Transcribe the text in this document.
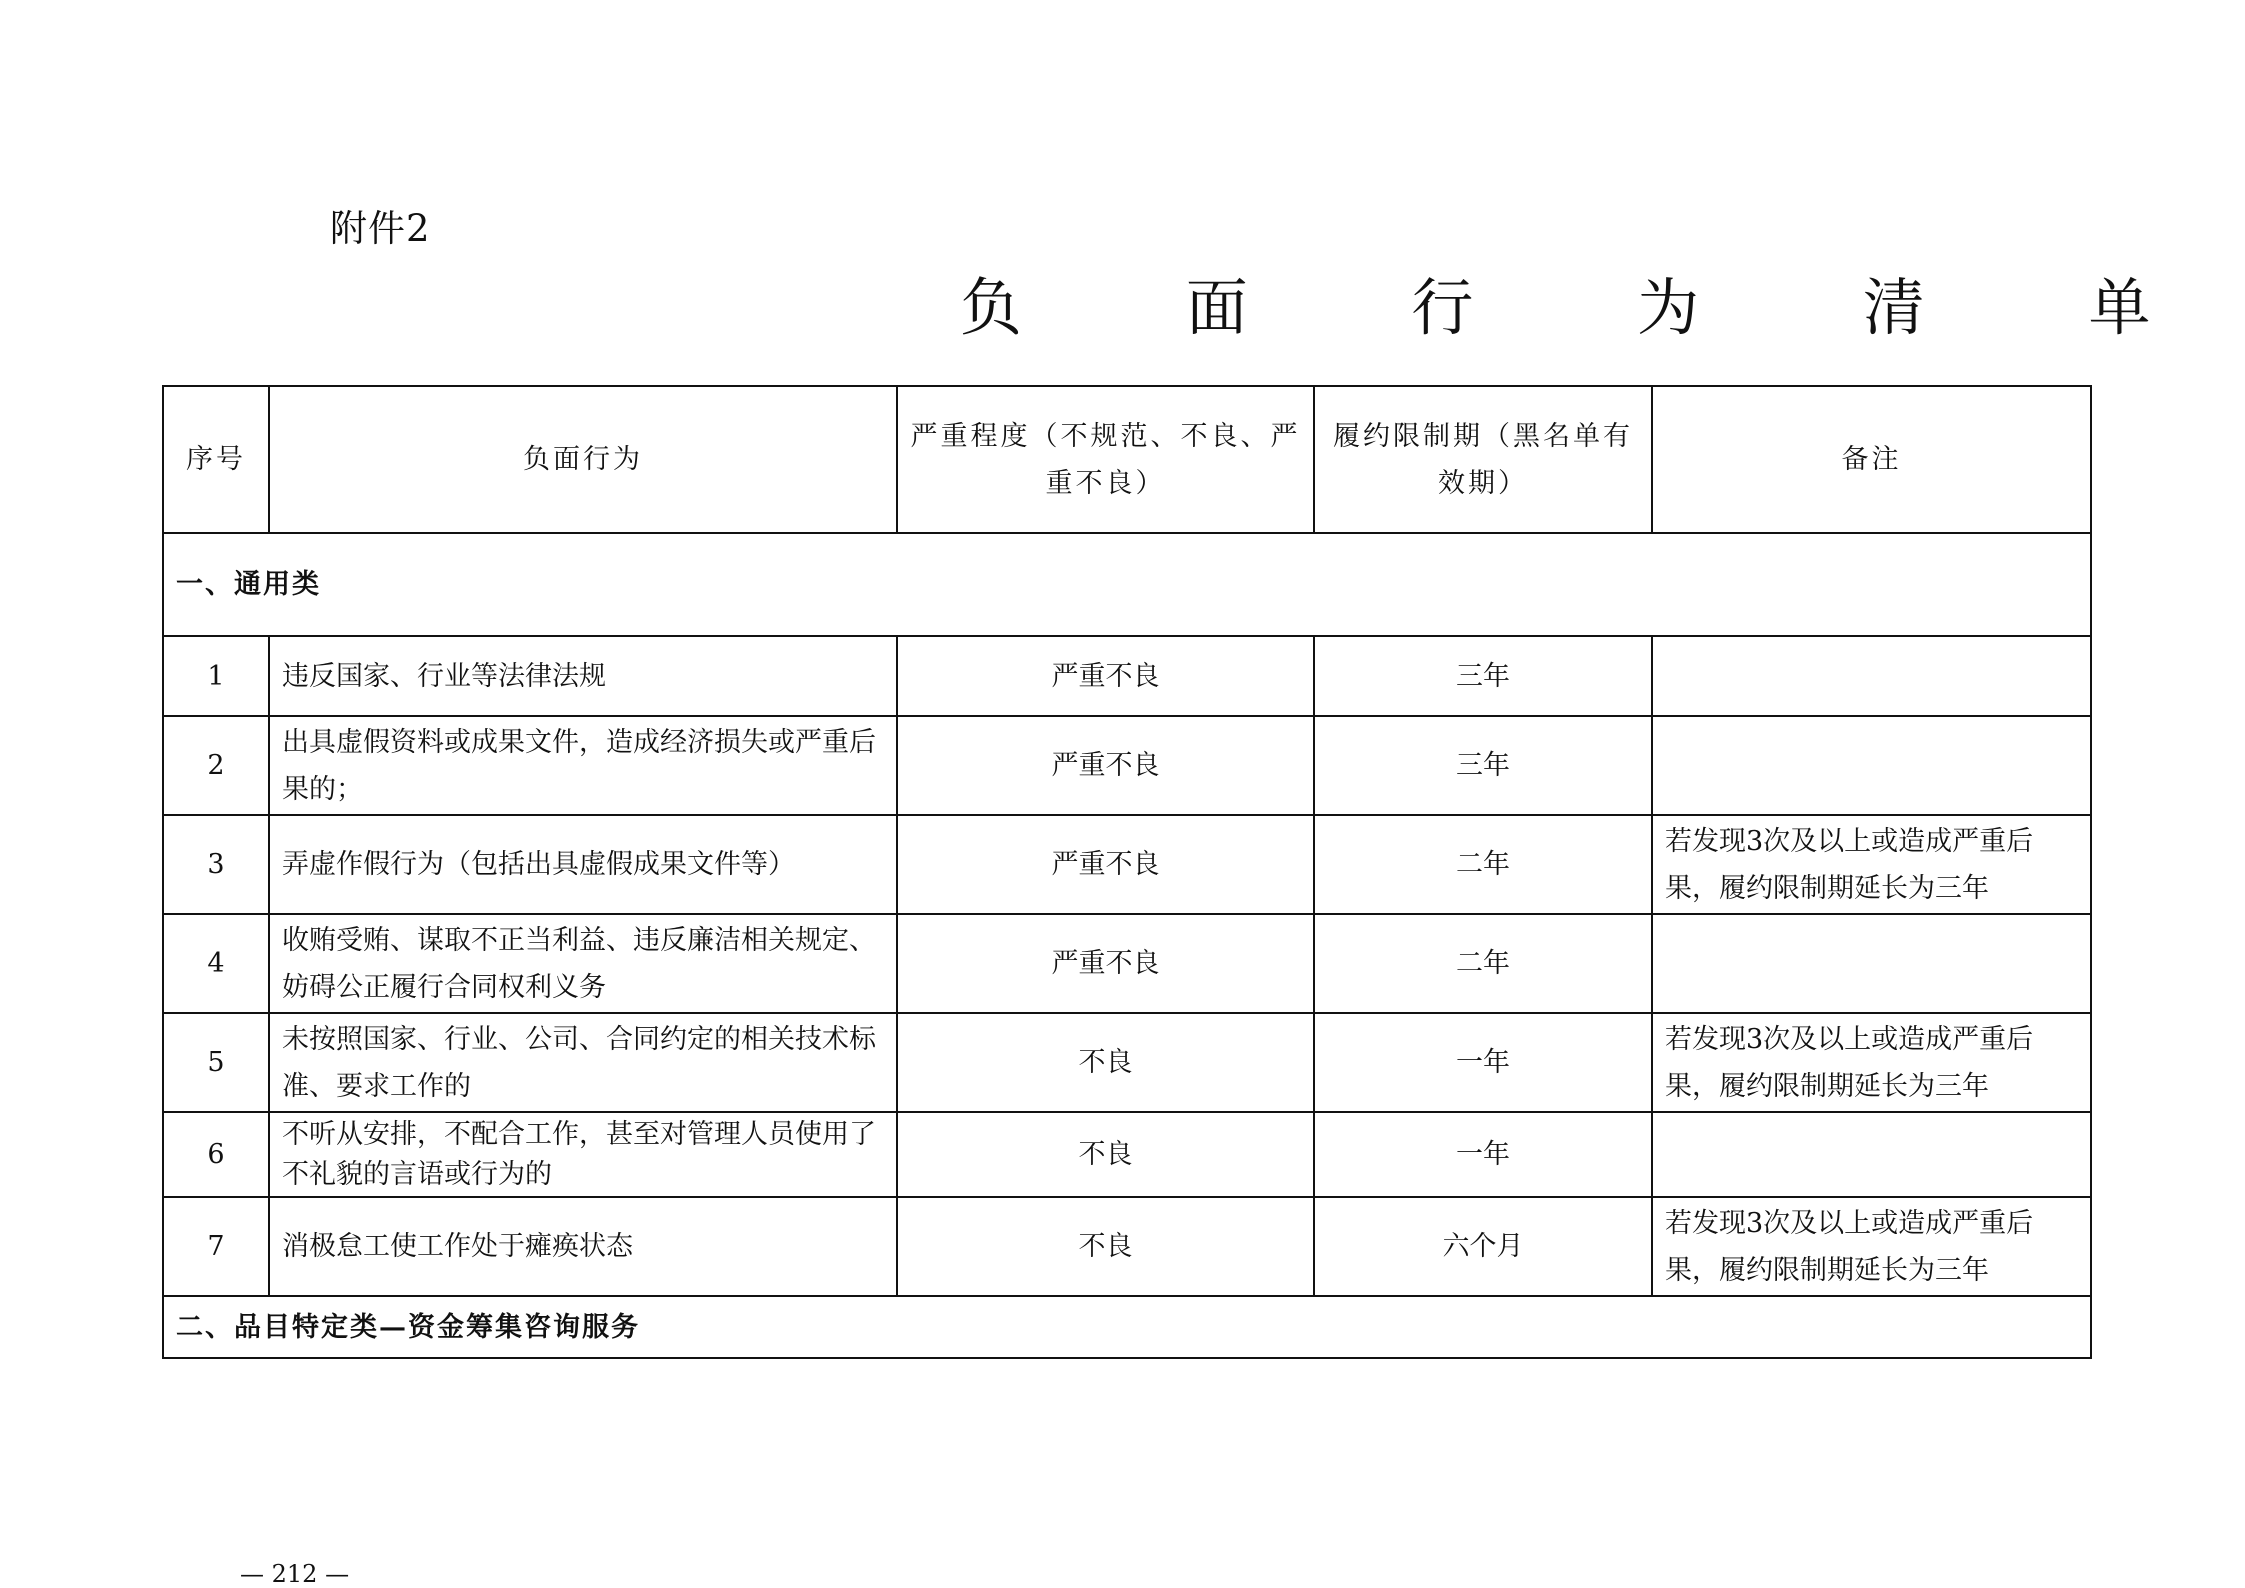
附件2
负 面 行 为 清 单
序号	负面行为	严重程度（不规范、不良、严重不良）	履约限制期（黑名单有效期）	备注
一、通用类				
1	违反国家、行业等法律法规	严重不良	三年	
2	出具虚假资料或成果文件，造成经济损失或严重后果的；	严重不良	三年	
3	弄虚作假行为（包括出具虚假成果文件等）	严重不良	二年	若发现3次及以上或造成严重后果，履约限制期延长为三年
4	收贿受贿、谋取不正当利益、违反廉洁相关规定、妨碍公正履行合同权利义务	严重不良	二年	
5	未按照国家、行业、公司、合同约定的相关技术标准、要求工作的	不良	一年	若发现3次及以上或造成严重后果，履约限制期延长为三年
6	不听从安排，不配合工作，甚至对管理人员使用了不礼貌的言语或行为的	不良	一年	
7	消极怠工使工作处于瘫痪状态	不良	六个月	若发现3次及以上或造成严重后果，履约限制期延长为三年
二、品目特定类—资金筹集咨询服务				
— 212 —
